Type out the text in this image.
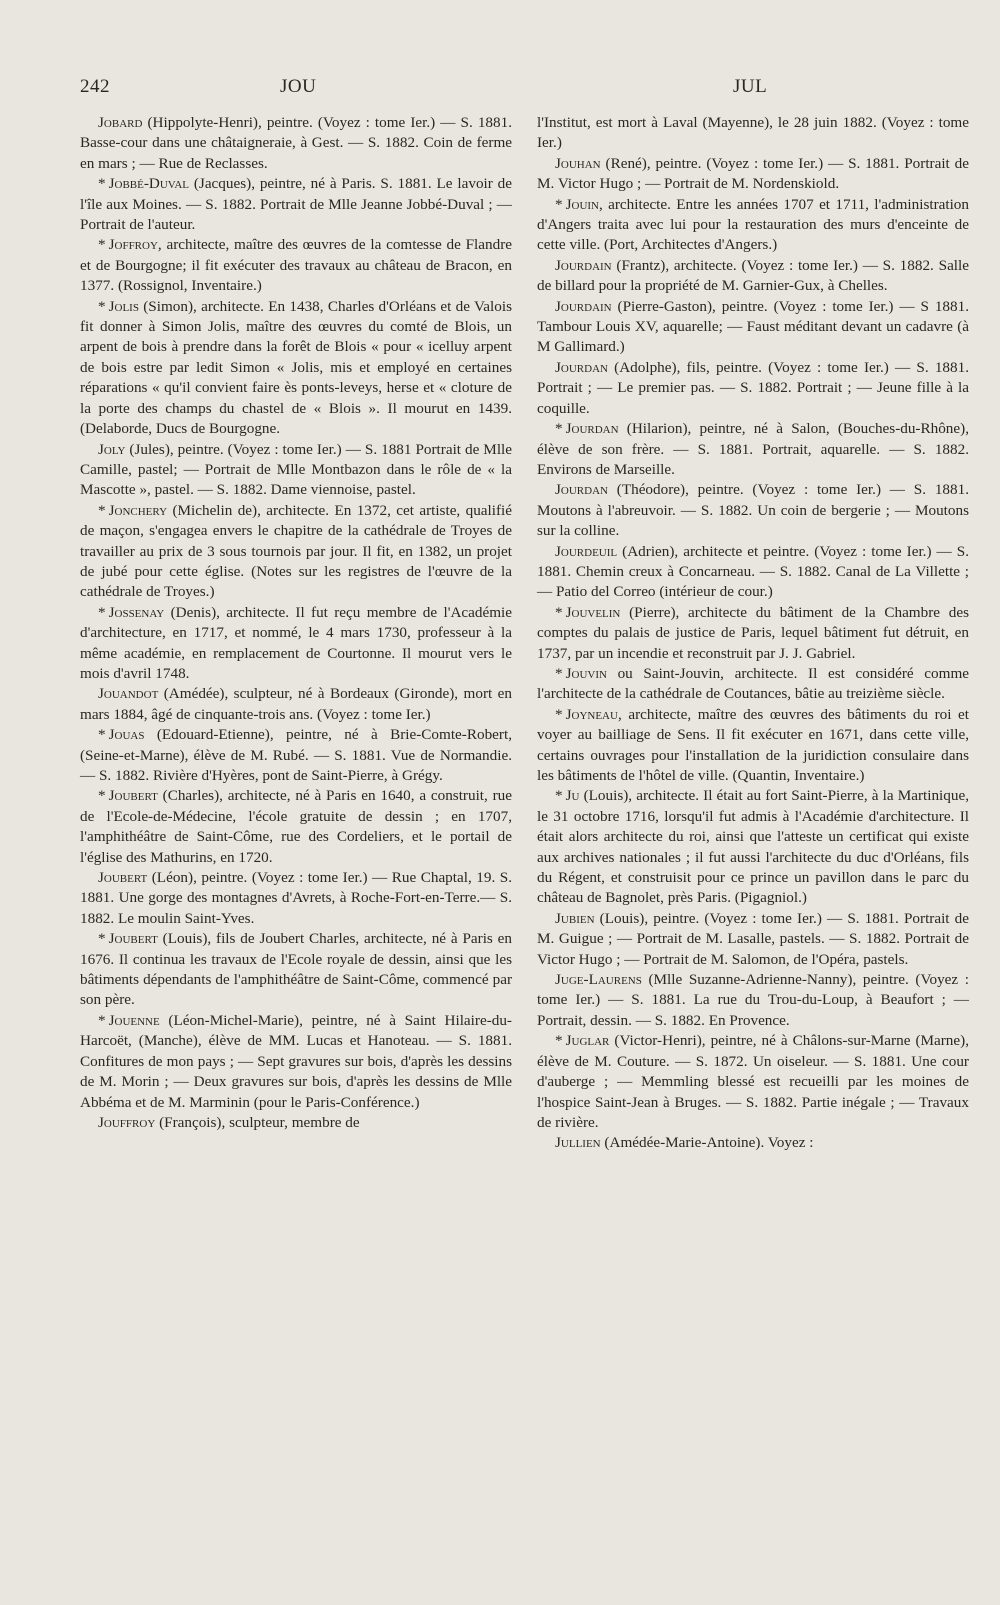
242	JOU	JUL

Jobard (Hippolyte-Henri), peintre. (Voyez : tome Ier.) — S. 1881. Basse-cour dans une châtaigneraie, à Gest. — S. 1882. Coin de ferme en mars ; — Rue de Reclasses.

* Jobbé-Duval (Jacques), peintre, né à Paris. S. 1881. Le lavoir de l'île aux Moines. — S. 1882. Portrait de Mlle Jeanne Jobbé-Duval ; — Portrait de l'auteur.

* Joffroy, architecte, maître des œuvres de la comtesse de Flandre et de Bourgogne; il fit exécuter des travaux au château de Bracon, en 1377. (Rossignol, Inventaire.)

* Jolis (Simon), architecte. En 1438, Charles d'Orléans et de Valois fit donner à Simon Jolis, maître des œuvres du comté de Blois, un arpent de bois à prendre dans la forêt de Blois « pour « icelluy arpent de bois estre par ledit Simon « Jolis, mis et employé en certaines réparations « qu'il convient faire ès ponts-leveys, herse et « cloture de la porte des champs du chastel de « Blois ». Il mourut en 1439. (Delaborde, Ducs de Bourgogne.

Joly (Jules), peintre. (Voyez : tome Ier.) — S. 1881 Portrait de Mlle Camille, pastel; — Portrait de Mlle Montbazon dans le rôle de « la Mascotte », pastel. — S. 1882. Dame viennoise, pastel.

* Jonchery (Michelin de), architecte. En 1372, cet artiste, qualifié de maçon, s'engagea envers le chapitre de la cathédrale de Troyes de travailler au prix de 3 sous tournois par jour. Il fit, en 1382, un projet de jubé pour cette église. (Notes sur les registres de l'œuvre de la cathédrale de Troyes.)

* Jossenay (Denis), architecte. Il fut reçu membre de l'Académie d'architecture, en 1717, et nommé, le 4 mars 1730, professeur à la même académie, en remplacement de Courtonne. Il mourut vers le mois d'avril 1748.

Jouandot (Amédée), sculpteur, né à Bordeaux (Gironde), mort en mars 1884, âgé de cinquante-trois ans. (Voyez : tome Ier.)

* Jouas (Edouard-Etienne), peintre, né à Brie-Comte-Robert, (Seine-et-Marne), élève de M. Rubé. — S. 1881. Vue de Normandie. — S. 1882. Rivière d'Hyères, pont de Saint-Pierre, à Grégy.

* Joubert (Charles), architecte, né à Paris en 1640, a construit, rue de l'Ecole-de-Médecine, l'école gratuite de dessin ; en 1707, l'amphithéâtre de Saint-Côme, rue des Cordeliers, et le portail de l'église des Mathurins, en 1720.

Joubert (Léon), peintre. (Voyez : tome Ier.) — Rue Chaptal, 19. S. 1881. Une gorge des montagnes d'Avrets, à Roche-Fort-en-Terre.— S. 1882. Le moulin Saint-Yves.

* Joubert (Louis), fils de Joubert Charles, architecte, né à Paris en 1676. Il continua les travaux de l'Ecole royale de dessin, ainsi que les bâtiments dépendants de l'amphithéâtre de Saint-Côme, commencé par son père.

* Jouenne (Léon-Michel-Marie), peintre, né à Saint Hilaire-du-Harcoët, (Manche), élève de MM. Lucas et Hanoteau. — S. 1881. Confitures de mon pays ; — Sept gravures sur bois, d'après les dessins de M. Morin ; — Deux gravures sur bois, d'après les dessins de Mlle Abbéma et de M. Marminin (pour le Paris-Conférence.)

Jouffroy (François), sculpteur, membre de

l'Institut, est mort à Laval (Mayenne), le 28 juin 1882. (Voyez : tome Ier.)

Jouhan (René), peintre. (Voyez : tome Ier.) — S. 1881. Portrait de M. Victor Hugo ; — Portrait de M. Nordenskiold.

* Jouin, architecte. Entre les années 1707 et 1711, l'administration d'Angers traita avec lui pour la restauration des murs d'enceinte de cette ville. (Port, Architectes d'Angers.)

Jourdain (Frantz), architecte. (Voyez : tome Ier.) — S. 1882. Salle de billard pour la propriété de M. Garnier-Gux, à Chelles.

Jourdain (Pierre-Gaston), peintre. (Voyez : tome Ier.) — S 1881. Tambour Louis XV, aquarelle; — Faust méditant devant un cadavre (à M Gallimard.)

Jourdan (Adolphe), fils, peintre. (Voyez : tome Ier.) — S. 1881. Portrait ; — Le premier pas. — S. 1882. Portrait ; — Jeune fille à la coquille.

* Jourdan (Hilarion), peintre, né à Salon, (Bouches-du-Rhône), élève de son frère. — S. 1881. Portrait, aquarelle. — S. 1882. Environs de Marseille.

Jourdan (Théodore), peintre. (Voyez : tome Ier.) — S. 1881. Moutons à l'abreuvoir. — S. 1882. Un coin de bergerie ; — Moutons sur la colline.

Jourdeuil (Adrien), architecte et peintre. (Voyez : tome Ier.) — S. 1881. Chemin creux à Concarneau. — S. 1882. Canal de La Villette ; — Patio del Correo (intérieur de cour.)

* Jouvelin (Pierre), architecte du bâtiment de la Chambre des comptes du palais de justice de Paris, lequel bâtiment fut détruit, en 1737, par un incendie et reconstruit par J. J. Gabriel.

* Jouvin ou Saint-Jouvin, architecte. Il est considéré comme l'architecte de la cathédrale de Coutances, bâtie au treizième siècle.

* Joyneau, architecte, maître des œuvres des bâtiments du roi et voyer au bailliage de Sens. Il fit exécuter en 1671, dans cette ville, certains ouvrages pour l'installation de la juridiction consulaire dans les bâtiments de l'hôtel de ville. (Quantin, Inventaire.)

* Ju (Louis), architecte. Il était au fort Saint-Pierre, à la Martinique, le 31 octobre 1716, lorsqu'il fut admis à l'Académie d'architecture. Il était alors architecte du roi, ainsi que l'atteste un certificat qui existe aux archives nationales ; il fut aussi l'architecte du duc d'Orléans, fils du Régent, et construisit pour ce prince un pavillon dans le parc du château de Bagnolet, près Paris. (Pigagniol.)

Jubien (Louis), peintre. (Voyez : tome Ier.) — S. 1881. Portrait de M. Guigue ; — Portrait de M. Lasalle, pastels. — S. 1882. Portrait de Victor Hugo ; — Portrait de M. Salomon, de l'Opéra, pastels.

Juge-Laurens (Mlle Suzanne-Adrienne-Nanny), peintre. (Voyez : tome Ier.) — S. 1881. La rue du Trou-du-Loup, à Beaufort ; — Portrait, dessin. — S. 1882. En Provence.

* Juglar (Victor-Henri), peintre, né à Châlons-sur-Marne (Marne), élève de M. Couture. — S. 1872. Un oiseleur. — S. 1881. Une cour d'auberge ; — Memmling blessé est recueilli par les moines de l'hospice Saint-Jean à Bruges. — S. 1882. Partie inégale ; — Travaux de rivière.

Jullien (Amédée-Marie-Antoine). Voyez :
